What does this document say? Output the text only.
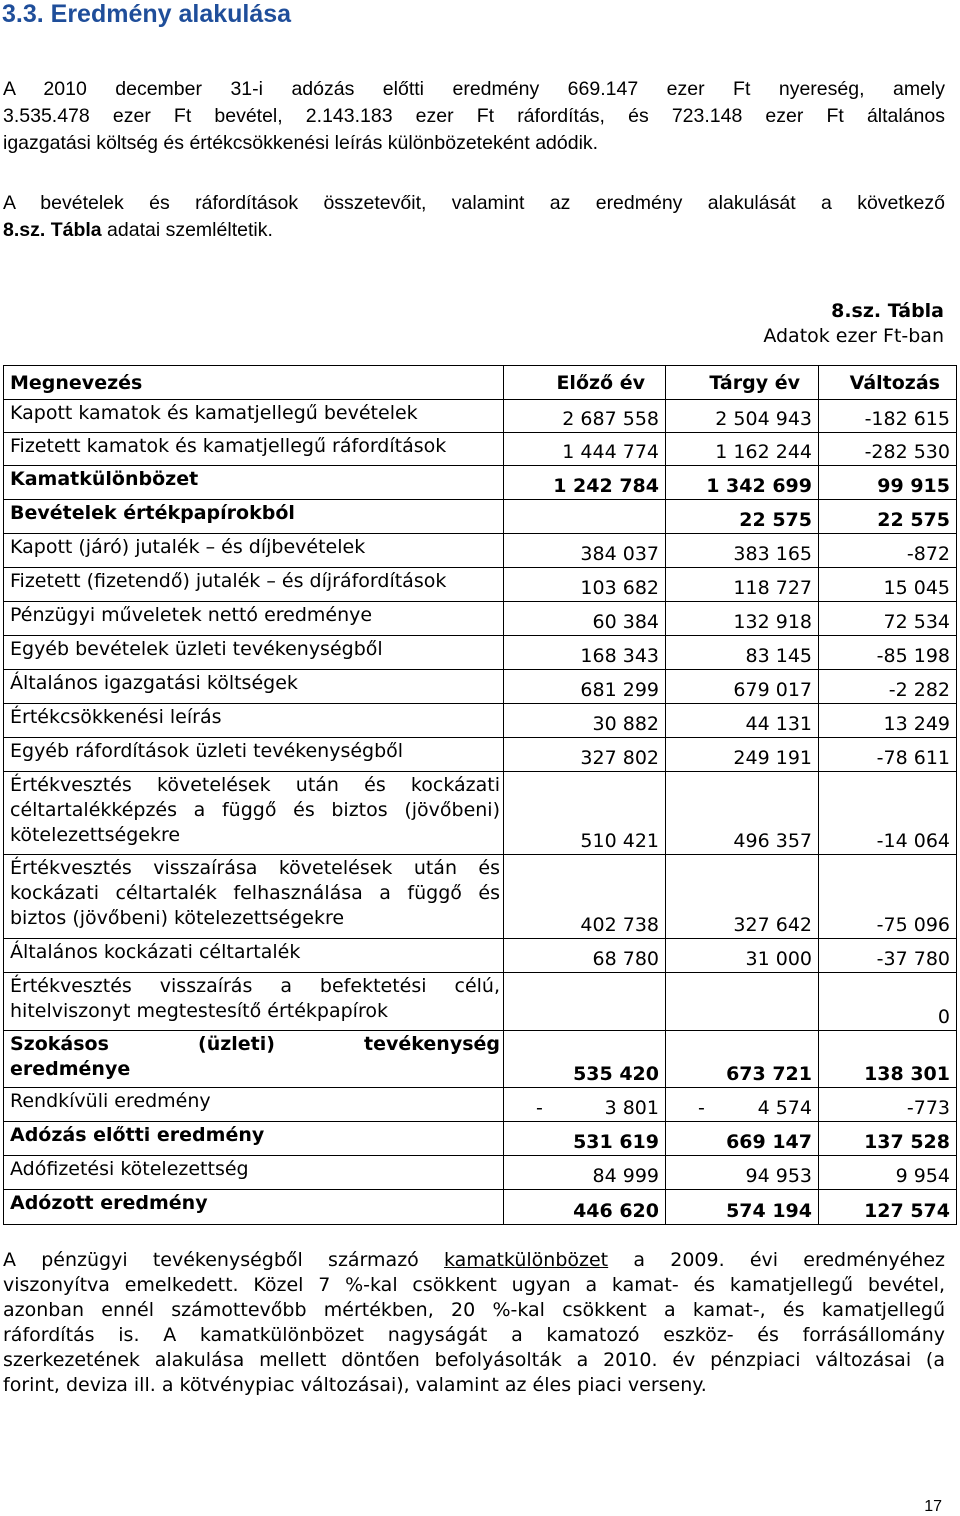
3.3. Eredmény alakulása
A 2010 december 31-i adózás előtti eredmény 669.147 ezer Ft nyereség, amely
3.535.478 ezer Ft bevétel, 2.143.183 ezer Ft ráfordítás, és 723.148 ezer Ft általános
igazgatási költség és értékcsökkenési leírás különbözeteként adódik.
A bevételek és ráfordítások összetevőit, valamint az eredmény alakulását a következő
8.sz. Tábla adatai szemléltetik.
8.sz. Tábla
Adatok ezer Ft-ban
Megnevezés	Előző év	Tárgy év	Változás

Kapott kamatok és kamatjellegű bevételek	2 687 558	2 504 943	-182 615

Fizetett kamatok és kamatjellegű ráfordítások	1 444 774	1 162 244	-282 530

Kamatkülönbözet	1 242 784	1 342 699	99 915

Bevételek értékpapírokból		22 575	22 575

Kapott (járó) jutalék – és díjbevételek	384 037	383 165	-872

Fizetett (fizetendő) jutalék – és díjráfordítások	103 682	118 727	15 045

Pénzügyi műveletek nettó eredménye	60 384	132 918	72 534

Egyéb bevételek üzleti tevékenységből	168 343	83 145	-85 198

Általános igazgatási költségek	681 299	679 017	-2 282

Értékcsökkenési leírás	30 882	44 131	13 249

Egyéb ráfordítások üzleti tevékenységből	327 802	249 191	-78 611

Értékvesztés követelések után és kockázati
céltartalékképzés a függő és biztos (jövőbeni)
kötelezettségekre	510 421	496 357	-14 064

Értékvesztés visszaírása követelések után és
kockázati céltartalék felhasználása a függő és
biztos (jövőbeni) kötelezettségekre	402 738	327 642	-75 096

Általános kockázati céltartalék	68 780	31 000	-37 780

Értékvesztés visszaírás a befektetési célú,
hitelviszonyt megtestesítő értékpapírok			0

Szokásos (üzleti) tevékenység
eredménye	535 420	673 721	138 301

Rendkívüli eredmény	- 3 801	- 4 574	-773

Adózás előtti eredmény	531 619	669 147	137 528

Adófizetési kötelezettség	84 999	94 953	9 954

Adózott eredmény	446 620	574 194	127 574
A pénzügyi tevékenységből származó kamatkülönbözet a 2009. évi eredményéhez
viszonyítva emelkedett. Közel 7 %-kal csökkent ugyan a kamat- és kamatjellegű bevétel,
azonban ennél számottevőbb mértékben, 20 %-kal csökkent a kamat-, és kamatjellegű
ráfordítás is. A kamatkülönbözet nagyságát a kamatozó eszköz- és forrásállomány
szerkezetének alakulása mellett döntően befolyásolták a 2010. év pénzpiaci változásai (a
forint, deviza ill. a kötvénypiac változásai), valamint az éles piaci verseny.
17
